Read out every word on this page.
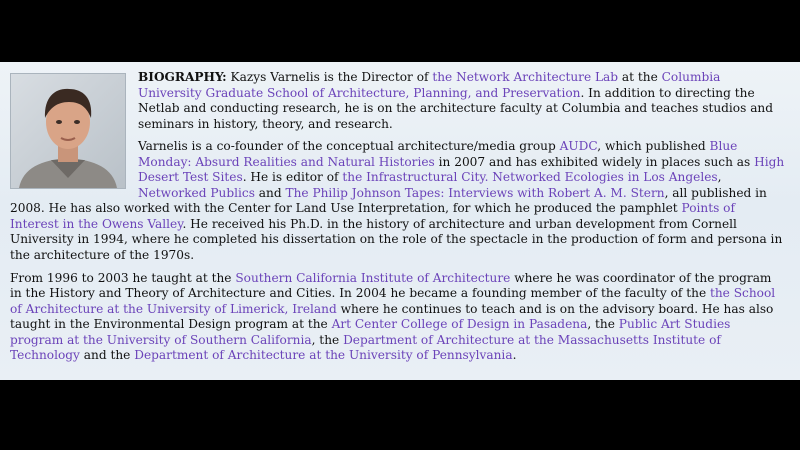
BIOGRAPHY: Kazys Varnelis is the Director of the Network Architecture Lab at the Columbia University Graduate School of Architecture, Planning, and Preservation. In addition to directing the Netlab and conducting research, he is on the architecture faculty at Columbia and teaches studios and seminars in history, theory, and research.

Varnelis is a co-founder of the conceptual architecture/media group AUDC, which published Blue Monday: Absurd Realities and Natural Histories in 2007 and has exhibited widely in places such as High Desert Test Sites. He is editor of the Infrastructural City. Networked Ecologies in Los Angeles, Networked Publics and The Philip Johnson Tapes: Interviews with Robert A. M. Stern, all published in 2008. He has also worked with the Center for Land Use Interpretation, for which he produced the pamphlet Points of Interest in the Owens Valley. He received his Ph.D. in the history of architecture and urban development from Cornell University in 1994, where he completed his dissertation on the role of the spectacle in the production of form and persona in the architecture of the 1970s.

From 1996 to 2003 he taught at the Southern California Institute of Architecture where he was coordinator of the program in the History and Theory of Architecture and Cities. In 2004 he became a founding member of the faculty of the the School of Architecture at the University of Limerick, Ireland where he continues to teach and is on the advisory board. He has also taught in the Environmental Design program at the Art Center College of Design in Pasadena, the Public Art Studies program at the University of Southern California, the Department of Architecture at the Massachusetts Institute of Technology and the Department of Architecture at the University of Pennsylvania.
